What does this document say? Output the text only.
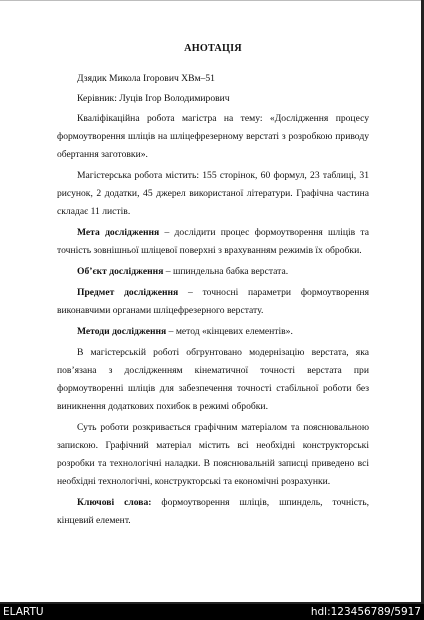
АНОТАЦІЯ
Дзядик Микола Ігорович ХВм–51
Керівник: Луців Ігор Володимирович
Кваліфікаційна робота магістра на тему: «Дослідження процесу формоутворення шліців на шліцефрезерному верстаті з розробкою приводу обертання заготовки».
Магістерська робота містить: 155 сторінок, 60 формул, 23 таблиці, 31 рисунок, 2 додатки, 45 джерел використаної літератури. Графічна частина складає 11 листів.
Мета дослідження – дослідити процес формоутворення шліців та точність зовнішньої шліцевої поверхні з врахуванням режимів їх обробки.
Об’єкт дослідження – шпиндельна бабка верстата.
Предмет дослідження – точносні параметри формоутворення виконавчими органами шліцефрезерного верстату.
Методи дослідження – метод «кінцевих елементів».
В магістерській роботі обгрунтовано модернізацію верстата, яка пов’язана з дослідженням кінематичної точності верстата при формоутворенні шліців для забезпечення точності стабільної роботи без виникнення додаткових похибок в режимі обробки.
Суть роботи розкривається графічним матеріалом та пояснювальною запискою. Графічний матеріал містить всі необхідні конструкторські розробки та технологічні наладки. В пояснювальній записці приведено всі необхідні технологічні, конструкторські та економічні розрахунки.
Ключові слова: формоутворення шліців, шпиндель, точність, кінцевий елемент.
ELARTU	hdl:123456789/5917
